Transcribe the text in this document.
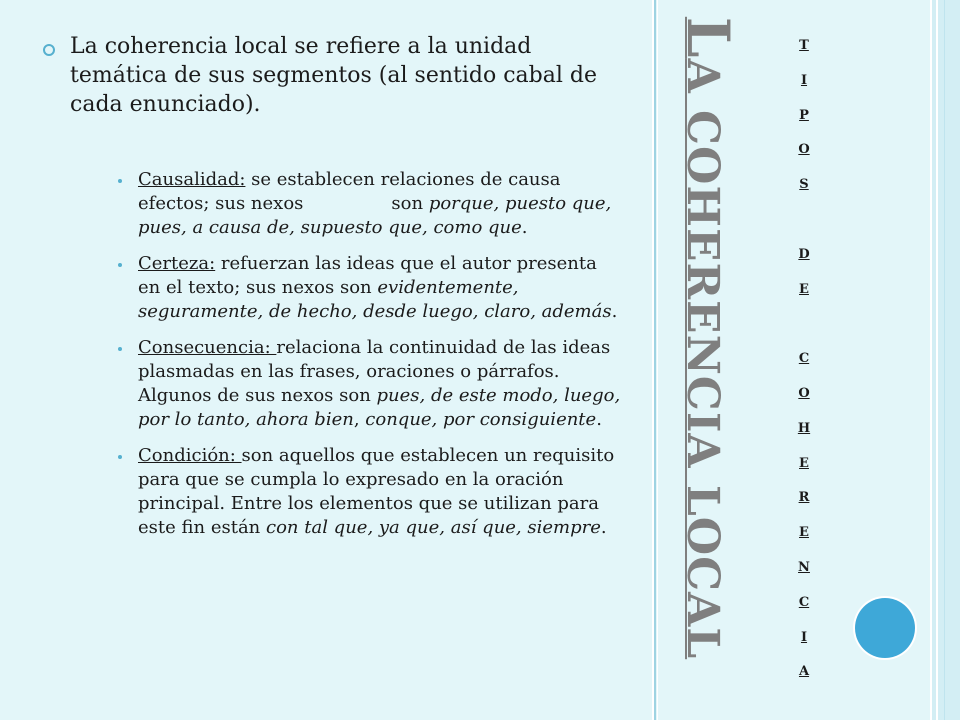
La coherencia local se refiere a la unidad temática de sus segmentos (al sentido cabal de cada enunciado).
Causalidad: se establecen relaciones de causa efectos; sus nexos	son porque, puesto que, pues, a causa de, supuesto que, como que.
Certeza: refuerzan las ideas que el autor presenta en el texto; sus nexos son evidentemente, seguramente, de hecho, desde luego, claro, además.
Consecuencia: relaciona la continuidad de las ideas plasmadas en las frases, oraciones o párrafos. Algunos de sus nexos son pues, de este modo, luego, por lo tanto, ahora bien, conque, por consiguiente.
Condición: son aquellos que establecen un requisito para que se cumpla lo expresado en la oración principal. Entre los elementos que se utilizan para este fin están con tal que, ya que, así que, siempre.
LA COHERENCIA LOCAL
T
I
P
O
S
D
E
C
O
H
E
R
E
N
C
I
A
